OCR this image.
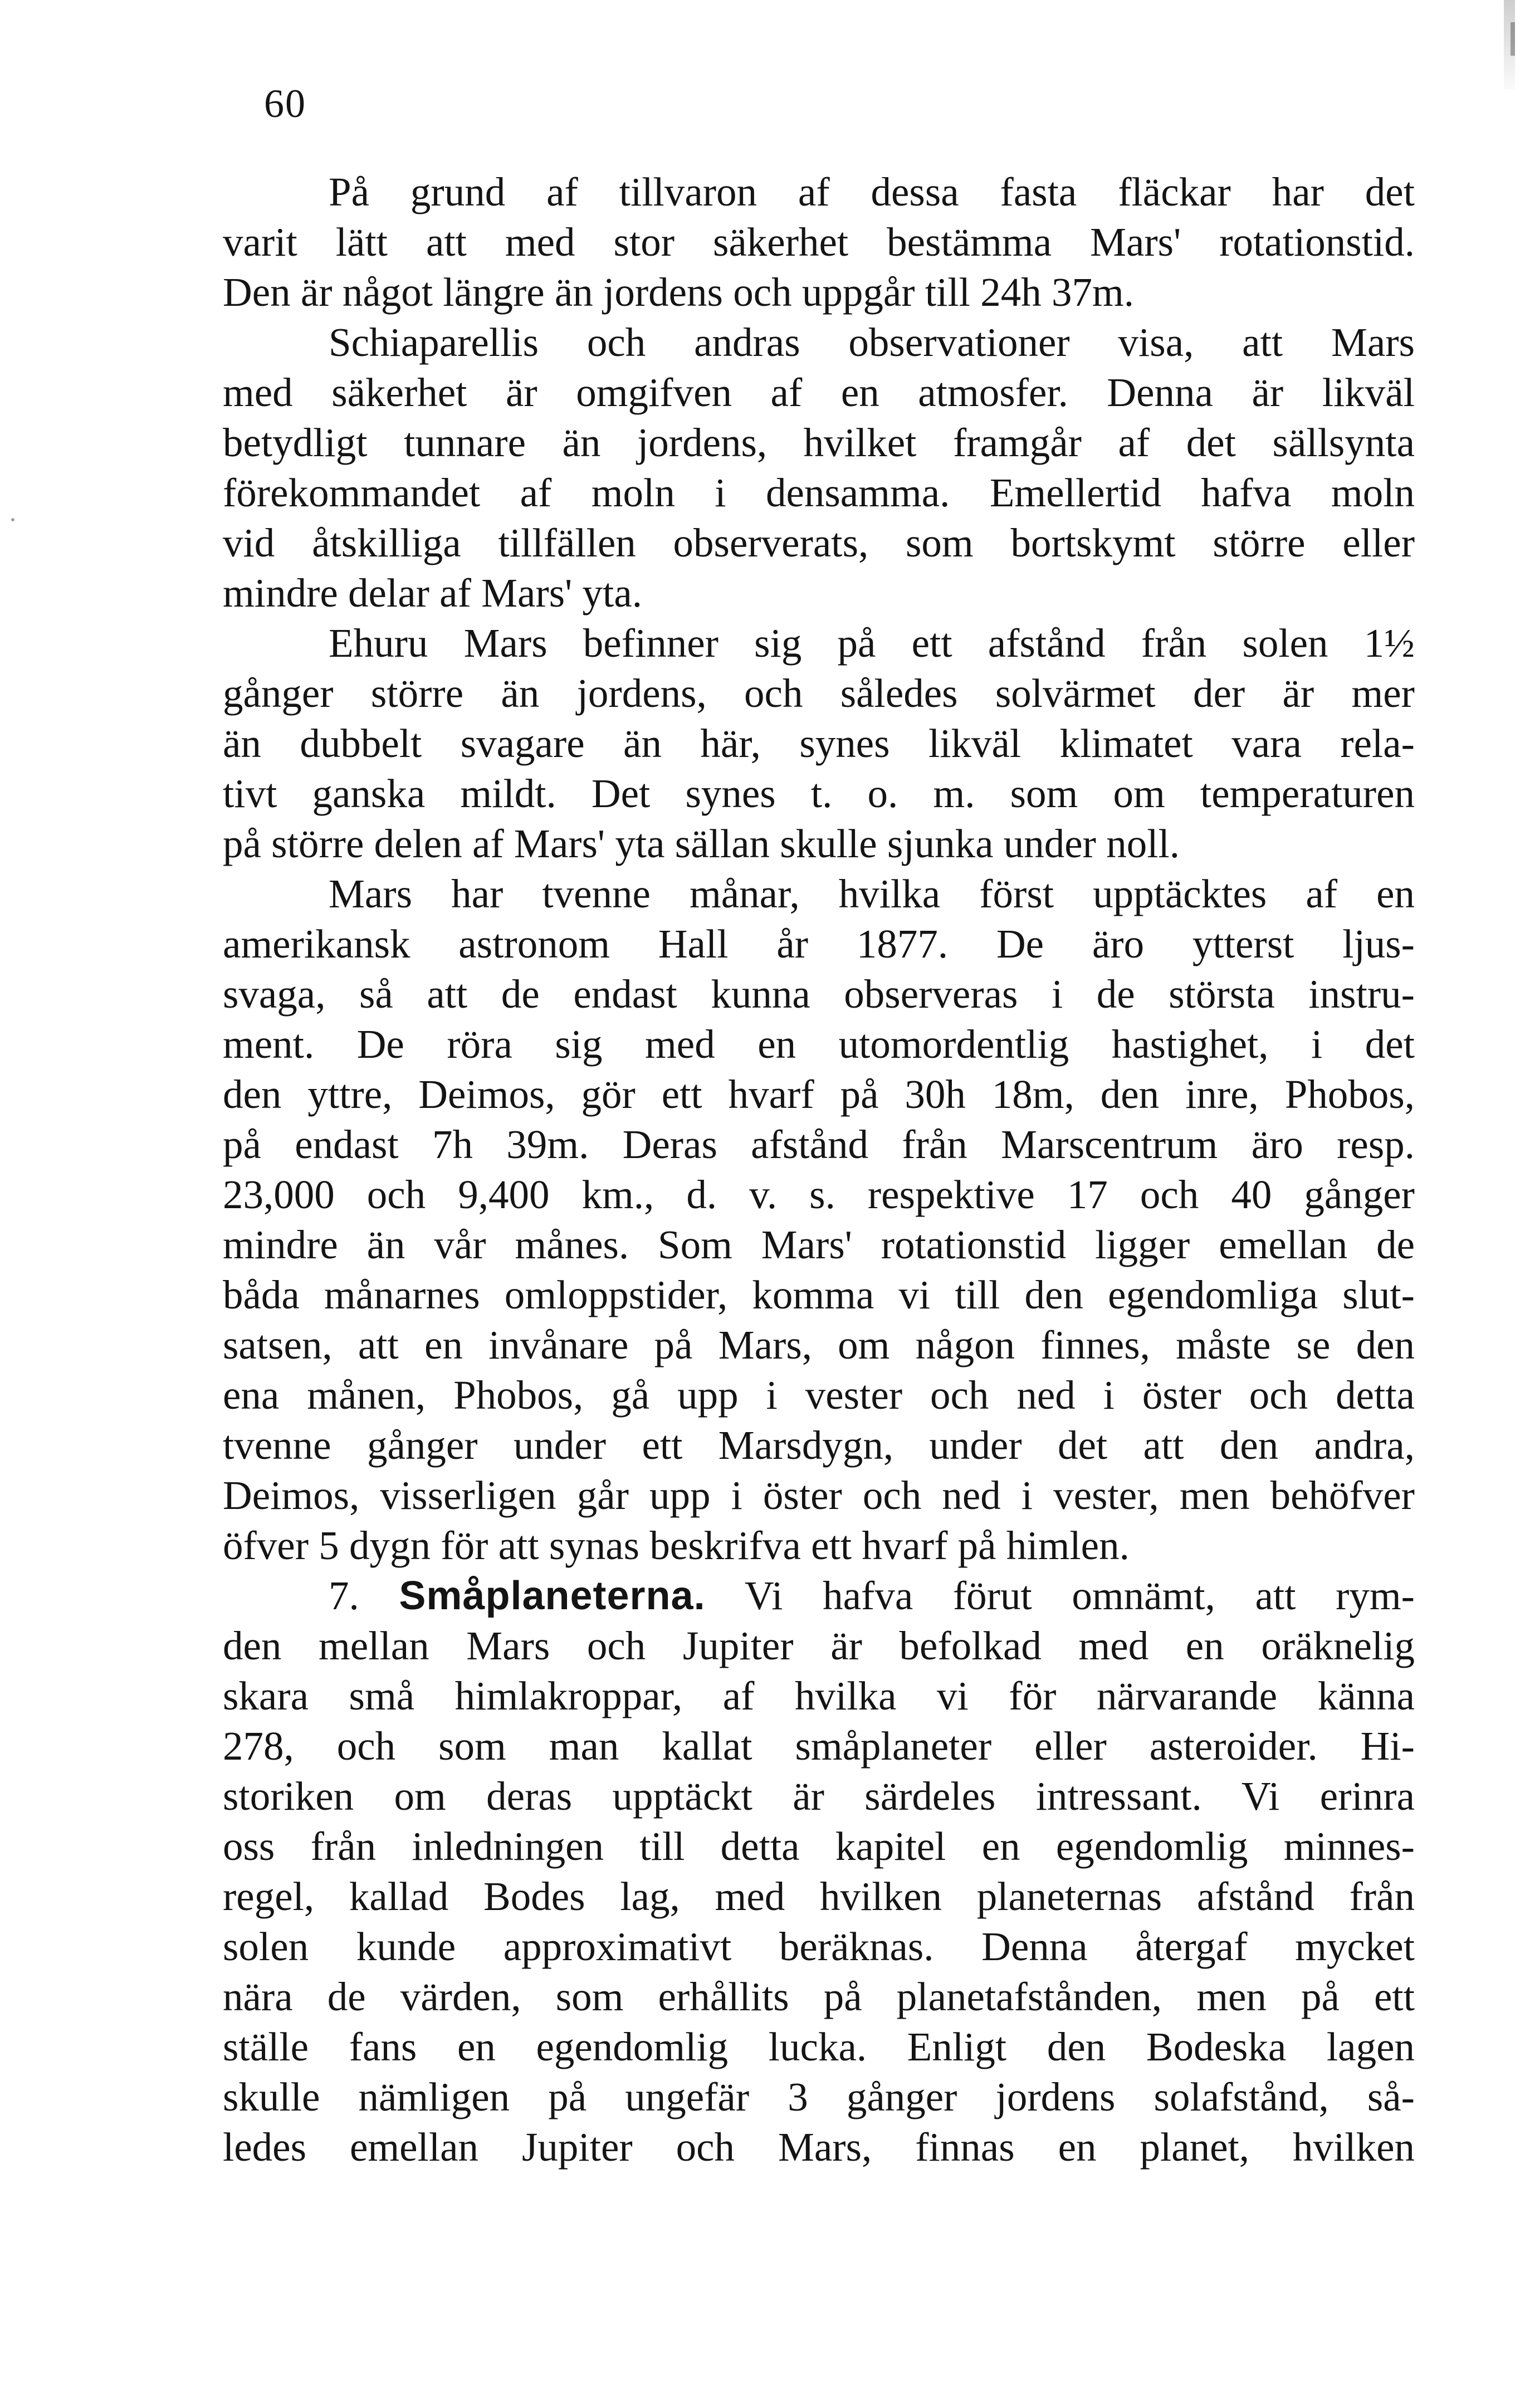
60
På grund af tillvaron af dessa fasta fläckar har det
varit lätt att med stor säkerhet bestämma Mars' rotationstid.
Den är något längre än jordens och uppgår till 24h 37m.
Schiaparellis och andras observationer visa, att Mars
med säkerhet är omgifven af en atmosfer. Denna är likväl
betydligt tunnare än jordens, hvilket framgår af det sällsynta
förekommandet af moln i densamma. Emellertid hafva moln
vid åtskilliga tillfällen observerats, som bortskymt större eller
mindre delar af Mars' yta.
Ehuru Mars befinner sig på ett afstånd från solen 1½
gånger större än jordens, och således solvärmet der är mer
än dubbelt svagare än här, synes likväl klimatet vara rela-
tivt ganska mildt. Det synes t. o. m. som om temperaturen
på större delen af Mars' yta sällan skulle sjunka under noll.
Mars har tvenne månar, hvilka först upptäcktes af en
amerikansk astronom Hall år 1877. De äro ytterst ljus-
svaga, så att de endast kunna observeras i de största instru-
ment. De röra sig med en utomordentlig hastighet, i det
den yttre, Deimos, gör ett hvarf på 30h 18m, den inre, Phobos,
på endast 7h 39m. Deras afstånd från Marscentrum äro resp.
23,000 och 9,400 km., d. v. s. respektive 17 och 40 gånger
mindre än vår månes. Som Mars' rotationstid ligger emellan de
båda månarnes omloppstider, komma vi till den egendomliga slut-
satsen, att en invånare på Mars, om någon finnes, måste se den
ena månen, Phobos, gå upp i vester och ned i öster och detta
tvenne gånger under ett Marsdygn, under det att den andra,
Deimos, visserligen går upp i öster och ned i vester, men behöfver
öfver 5 dygn för att synas beskrifva ett hvarf på himlen.
7. Småplaneterna. Vi hafva förut omnämt, att rym-
den mellan Mars och Jupiter är befolkad med en oräknelig
skara små himlakroppar, af hvilka vi för närvarande känna
278, och som man kallat småplaneter eller asteroider. Hi-
storiken om deras upptäckt är särdeles intressant. Vi erinra
oss från inledningen till detta kapitel en egendomlig minnes-
regel, kallad Bodes lag, med hvilken planeternas afstånd från
solen kunde approximativt beräknas. Denna återgaf mycket
nära de värden, som erhållits på planetafstånden, men på ett
ställe fans en egendomlig lucka. Enligt den Bodeska lagen
skulle nämligen på ungefär 3 gånger jordens solafstånd, så-
ledes emellan Jupiter och Mars, finnas en planet, hvilken
